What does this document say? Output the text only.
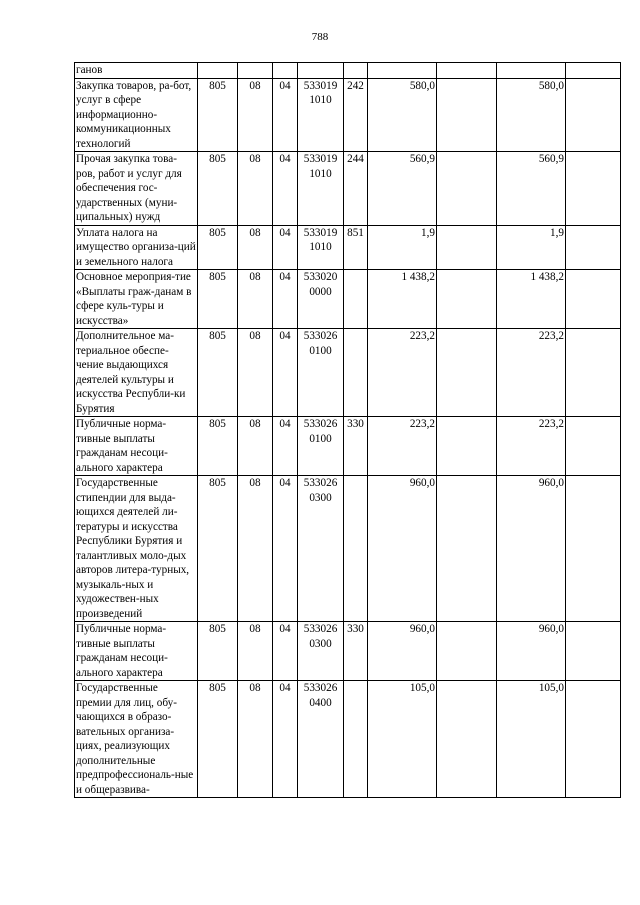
788
ганов									
Закупка товаров, ра-бот, услуг в сфере информационно-коммуникационных технологий	805	08	04	533019 1010	242	580,0		580,0	
Прочая закупка това-ров, работ и услуг для обеспечения гос-ударственных (муни-ципальных) нужд	805	08	04	533019 1010	244	560,9		560,9	
Уплата налога на имущество организа-ций и земельного налога	805	08	04	533019 1010	851	1,9		1,9	
Основное мероприя-тие «Выплаты граж-данам в сфере куль-туры и искусства»	805	08	04	533020 0000		1 438,2		1 438,2	
Дополнительное ма-териальное обеспе-чение выдающихся деятелей культуры и искусства Республи-ки Бурятия	805	08	04	533026 0100		223,2		223,2	
Публичные норма-тивные выплаты гражданам несоци-ального характера	805	08	04	533026 0100	330	223,2		223,2	
Государственные стипендии для выда-ющихся деятелей ли-тературы и искусства Республики Бурятия и талантливых моло-дых авторов литера-турных, музыкаль-ных и художествен-ных произведений	805	08	04	533026 0300		960,0		960,0	
Публичные норма-тивные выплаты гражданам несоци-ального характера	805	08	04	533026 0300	330	960,0		960,0	
Государственные премии для лиц, обу-чающихся в образо-вательных организа-циях, реализующих дополнительные предпрофессиональ-ные и общеразвива-	805	08	04	533026 0400		105,0		105,0	
